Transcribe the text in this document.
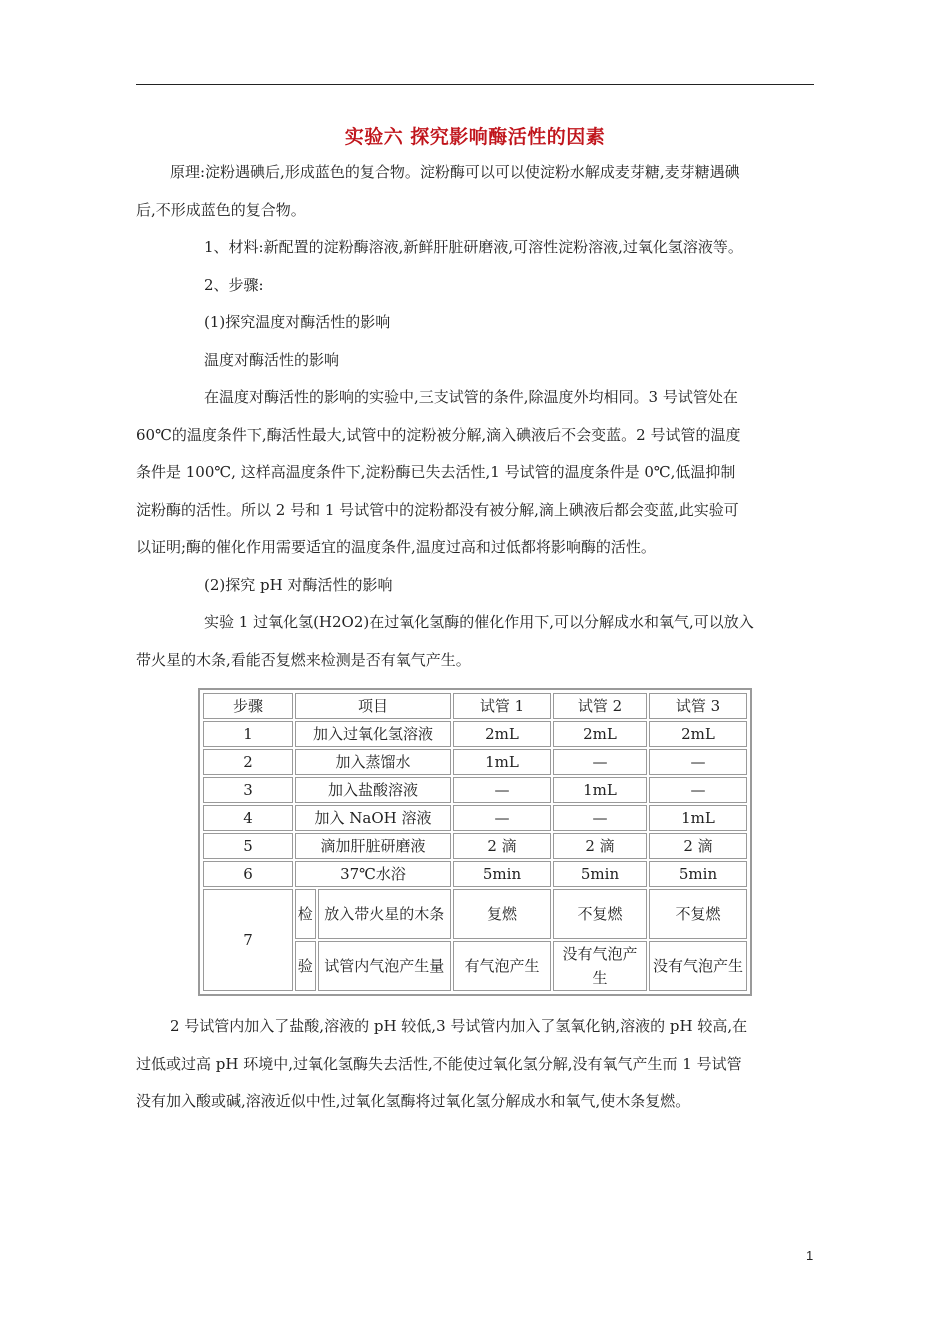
实验六 探究影响酶活性的因素
原理:淀粉遇碘后,形成蓝色的复合物。淀粉酶可以可以使淀粉水解成麦芽糖,麦芽糖遇碘
后,不形成蓝色的复合物。
1、材料:新配置的淀粉酶溶液,新鲜肝脏研磨液,可溶性淀粉溶液,过氧化氢溶液等。
2、步骤:
(1)探究温度对酶活性的影响
温度对酶活性的影响
在温度对酶活性的影响的实验中,三支试管的条件,除温度外均相同。3 号试管处在
60℃的温度条件下,酶活性最大,试管中的淀粉被分解,滴入碘液后不会变蓝。2 号试管的温度
条件是 100℃, 这样高温度条件下,淀粉酶已失去活性,1 号试管的温度条件是 0℃,低温抑制
淀粉酶的活性。所以 2 号和 1 号试管中的淀粉都没有被分解,滴上碘液后都会变蓝,此实验可
以证明;酶的催化作用需要适宜的温度条件,温度过高和过低都将影响酶的活性。
(2)探究 pH 对酶活性的影响
实验 1 过氧化氢(H2O2)在过氧化氢酶的催化作用下,可以分解成水和氧气,可以放入
带火星的木条,看能否复燃来检测是否有氧气产生。
步骤	项目		试管 1	试管 2	试管 3
1	加入过氧化氢溶液		2mL	2mL	2mL
2	加入蒸馏水		1mL	—	—
3	加入盐酸溶液		—	1mL	—
4	加入 NaOH 溶液		—	—	1mL
5	滴加肝脏研磨液		2 滴	2 滴	2 滴
6	37℃水浴		5min	5min	5min
7	检	放入带火星的木条	复燃	不复燃	不复燃
	验	试管内气泡产生量	有气泡产生	没有气泡产生	没有气泡产生
2 号试管内加入了盐酸,溶液的 pH 较低,3 号试管内加入了氢氧化钠,溶液的 pH 较高,在
过低或过高 pH 环境中,过氧化氢酶失去活性,不能使过氧化氢分解,没有氧气产生而 1 号试管
没有加入酸或碱,溶液近似中性,过氧化氢酶将过氧化氢分解成水和氧气,使木条复燃。
1
